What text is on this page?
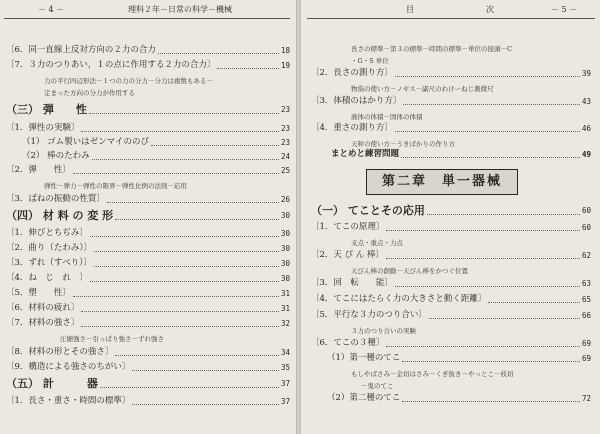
－ 4 －	理科２年－日常の科学－機械
〔6．同一直線上反対方向の２力の合力	18
〔7．３力のつりあい，１の点に作用する２力の合力〕	19
力の平行四辺形法－１つの力の分力－分力は複数もある－
定まった方向の分力が作用する
（三） 弾　　性	23
〔1．弾性の実験〕	23
（1） ゴム製いはゼンマイののび	23
（2） 棒のたわみ	24
〔2．弾　　性〕	25
弾性－弾力－弾性の限界－弾性比例の法則－応用
〔3．ばねの振動の性質〕	26
（四） 材 料 の 変 形	30
〔1．伸びとちぢみ〕	30
〔2．曲り（たわみ）〕	30
〔3．ずれ（すべり）〕	30
〔4．ね　じ　れ　〕	30
〔5．塑　　性〕	31
〔6．材料の疲れ〕	31
〔7．材料の強さ〕	32
圧縮強さ－引っぱり強さ－ずれ強さ
〔8．材料の形とその強さ〕	34
〔9．構造による強さのちがい〕	35
（五） 計　　　器	37
〔1．長さ・重さ・時間の標準〕	37
目	次	－ 5 －
長さの標準－第３の標準－時間の標準－単位の接頭－C
・G・S 単位
〔2．長さの測り方〕	39
物指の使い方－ノギス－副尺のわけーねじ測微尺
〔3．体積のはかり方〕	43
液体の体積－固体の体積
〔4．重さの測り方〕	46
天秤の使い方－うきばかりの作り方
まとめと練習問題	49
第二章　単一器械
（一） てことその応用	60
〔1．てこの原理〕	60
支点・重点・力点
〔2．天 び ん 棒〕	62
天びん棒の創動－天びん棒をかつぐ位置
〔3．回　転　　能〕	63
〔4．てこにはたらく力の大きさと動く距離〕	65
〔5．平行な３力のつり合い〕	66
３力のつり合いの実験
〔6．てこの３種〕	69
（1）第一種のてこ	69
もしやばさみ－金切はさみ－くぎ抜き－やっとこ－枝切
－鬼のてこ
（2）第二種のてこ	72
